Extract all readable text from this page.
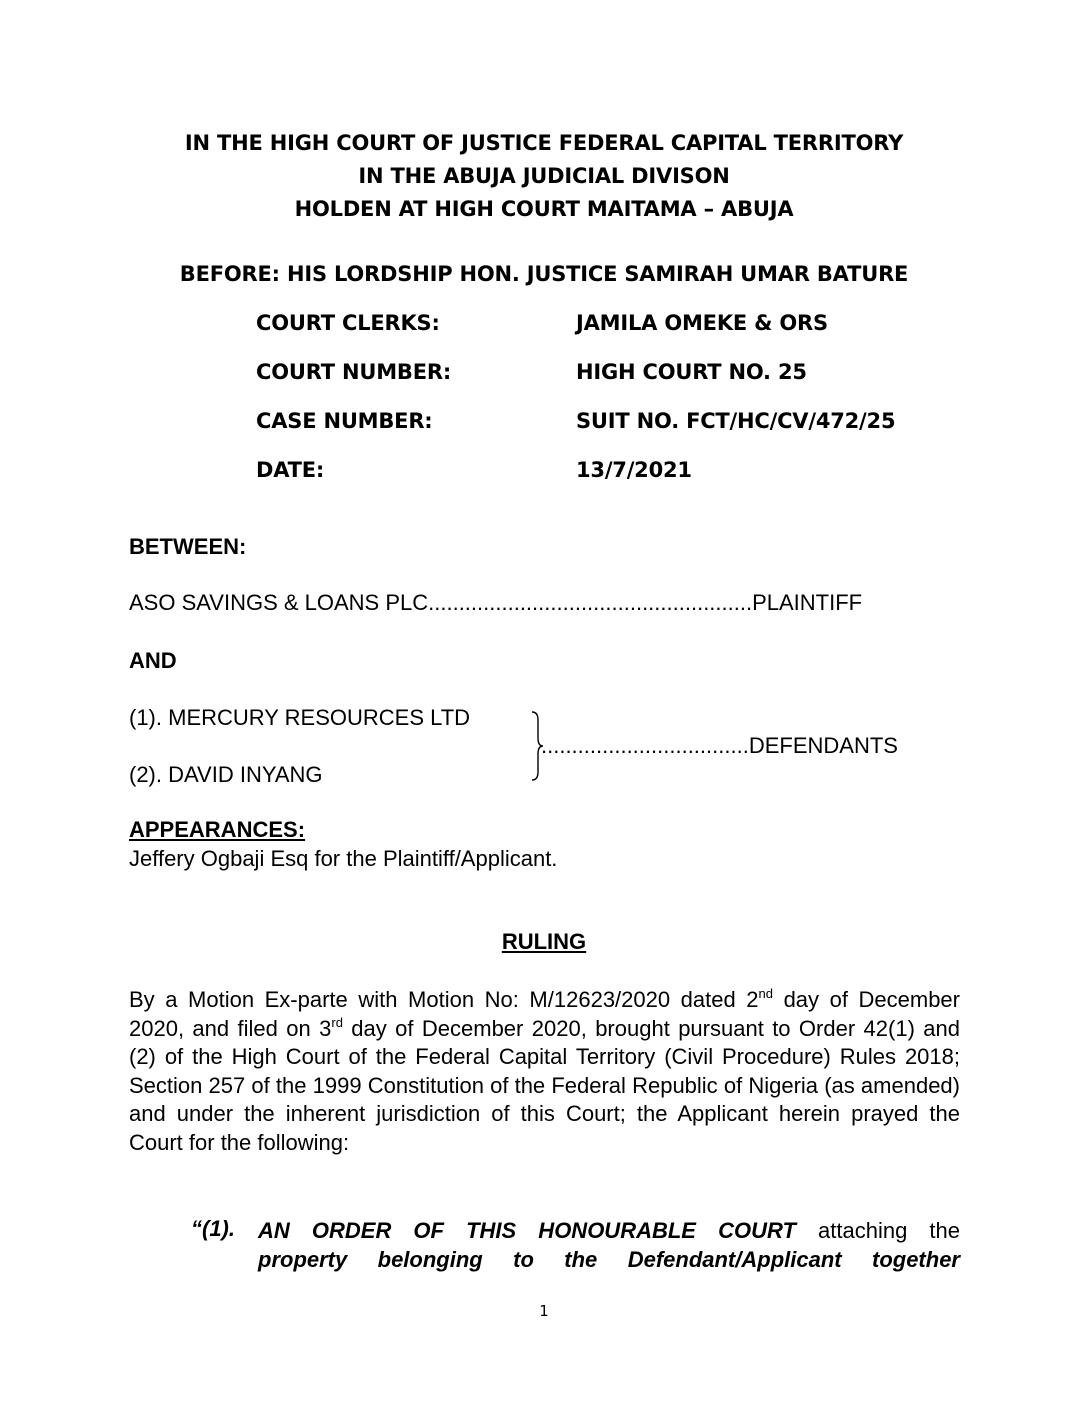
IN THE HIGH COURT OF JUSTICE FEDERAL CAPITAL TERRITORY
IN THE ABUJA JUDICIAL DIVISON
HOLDEN AT HIGH COURT MAITAMA – ABUJA
BEFORE: HIS LORDSHIP HON. JUSTICE SAMIRAH UMAR BATURE
COURT CLERKS:	JAMILA OMEKE & ORS
COURT NUMBER:	HIGH COURT NO. 25
CASE NUMBER:	SUIT NO. FCT/HC/CV/472/25
DATE:	13/7/2021
BETWEEN:
ASO SAVINGS & LOANS PLC.....................................................PLAINTIFF
AND
(1). MERCURY RESOURCES LTD
(2). DAVID INYANG
..................................DEFENDANTS
APPEARANCES:
Jeffery Ogbaji Esq for the Plaintiff/Applicant.
RULING
By a Motion Ex-parte with Motion No: M/12623/2020 dated 2nd day of December 2020, and filed on 3rd day of December 2020, brought pursuant to Order 42(1) and (2) of the High Court of the Federal Capital Territory (Civil Procedure) Rules 2018; Section 257 of the 1999 Constitution of the Federal Republic of Nigeria (as amended) and under the inherent jurisdiction of this Court; the Applicant herein prayed the Court for the following:
“(1). AN ORDER OF THIS HONOURABLE COURT attaching the
property belonging to the Defendant/Applicant together
1
